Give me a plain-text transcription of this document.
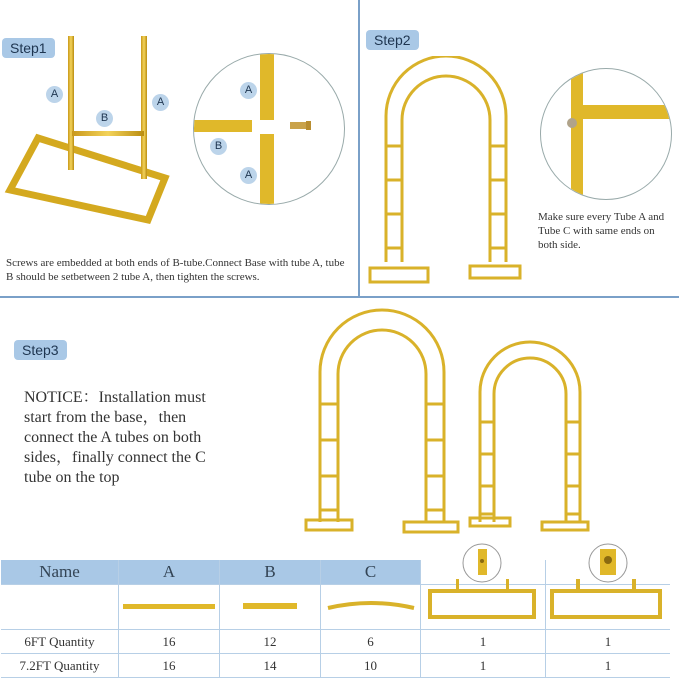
Step1
A
B
A
A
B
A
Screws are embedded at both ends of B-tube.Connect Base with tube A, tube B should be setbetween 2 tube A, then tighten the screws.
Step2
Make sure every Tube A and Tube C with same ends on both side.
Step3
NOTICE：Installation must start from the base，then connect the A tubes on both sides，finally connect the C tube on the top
Name	A	B	C		

6FT Quantity	16	12	6	1	1
7.2FT Quantity	16	14	10	1	1
